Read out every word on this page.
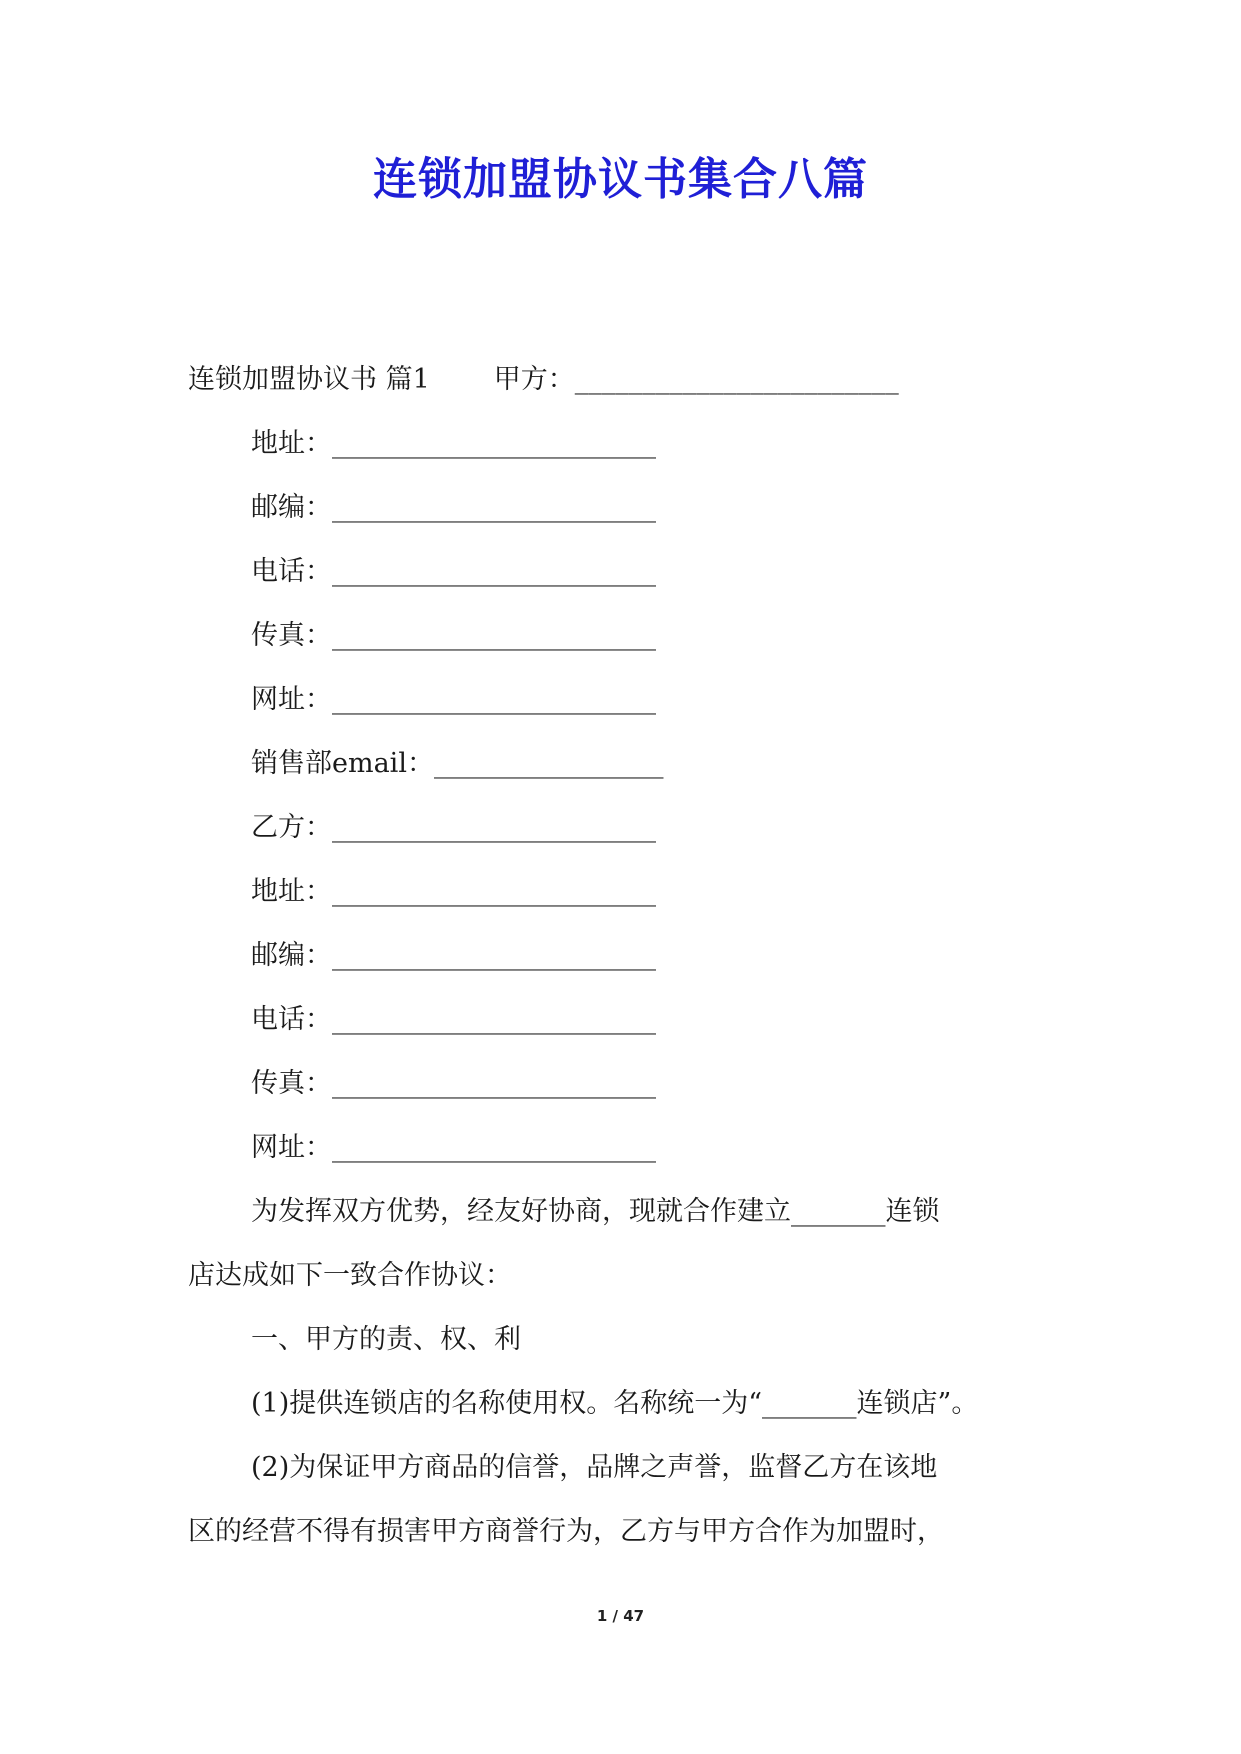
连锁加盟协议书集合八篇
连锁加盟协议书 篇1 甲方：________________________
地址：________________________
邮编：________________________
电话：________________________
传真：________________________
网址：________________________
销售部email：_________________
乙方：________________________
地址：________________________
邮编：________________________
电话：________________________
传真：________________________
网址：________________________
为发挥双方优势，经友好协商，现就合作建立_______连锁
店达成如下一致合作协议：
一、甲方的责、权、利
(1)提供连锁店的名称使用权。名称统一为“_______连锁店”。
(2)为保证甲方商品的信誉，品牌之声誉，监督乙方在该地
区的经营不得有损害甲方商誉行为，乙方与甲方合作为加盟时，
1 / 47
